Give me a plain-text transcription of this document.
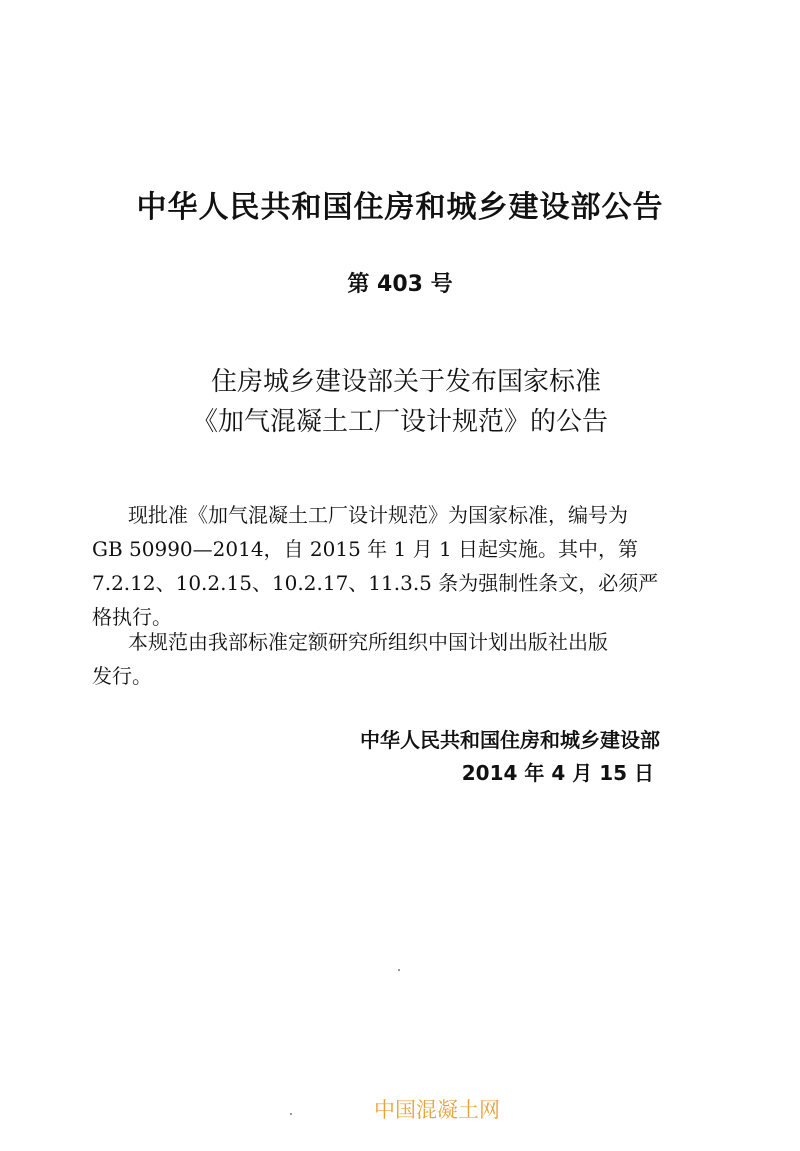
中华人民共和国住房和城乡建设部公告
第 403 号
住房城乡建设部关于发布国家标准
《加气混凝土工厂设计规范》的公告
现批准《加气混凝土工厂设计规范》为国家标准，编号为
GB 50990—2014，自 2015 年 1 月 1 日起实施。其中，第
7.2.12、10.2.15、10.2.17、11.3.5 条为强制性条文，必须严
格执行。
本规范由我部标准定额研究所组织中国计划出版社出版
发行。
中华人民共和国住房和城乡建设部
2014 年 4 月 15 日
中国混凝土网
